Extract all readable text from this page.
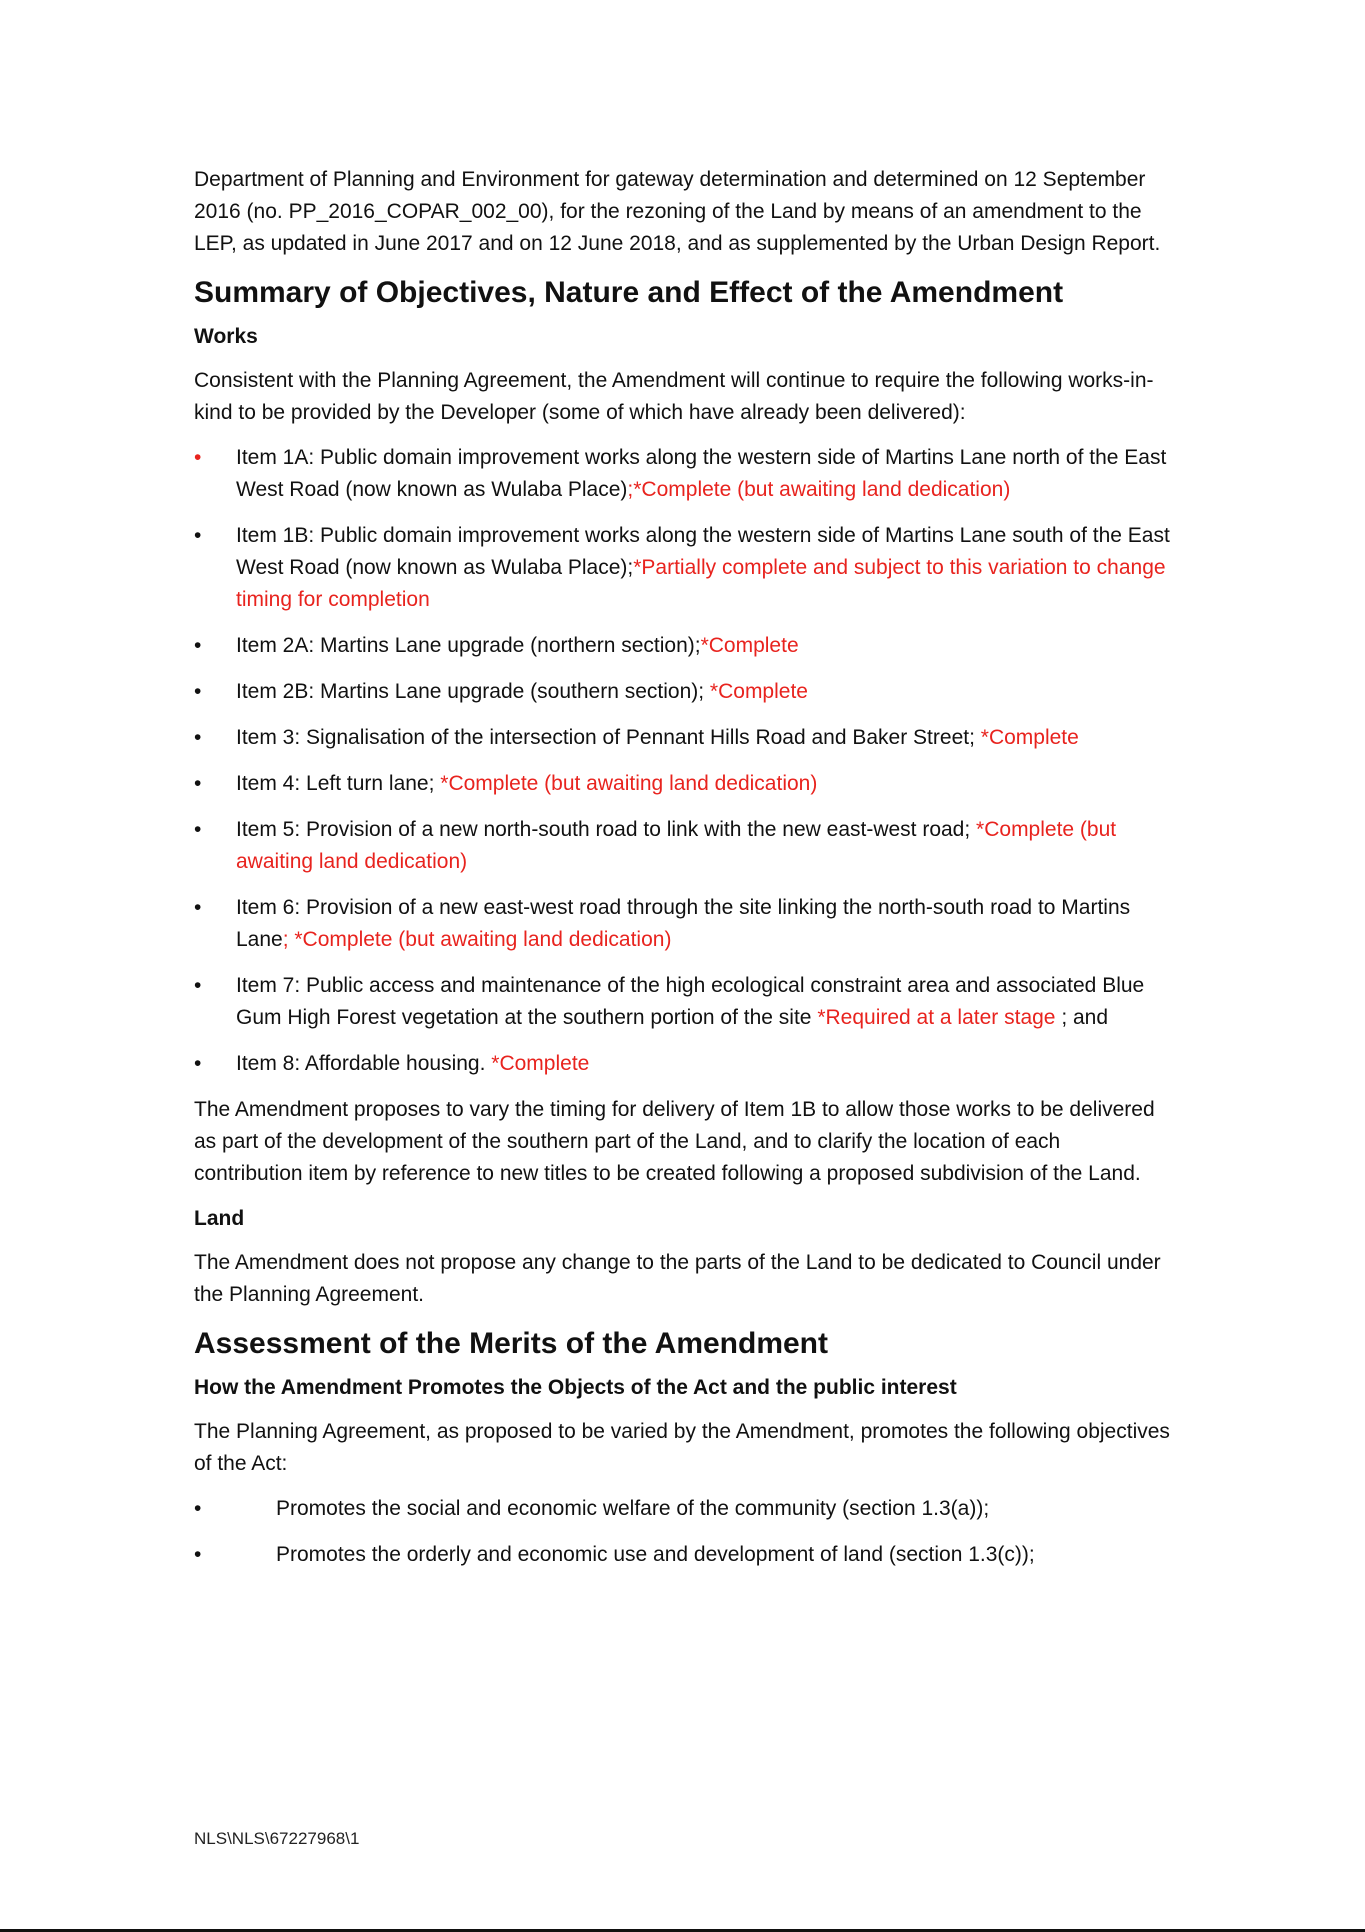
Department of Planning and Environment for gateway determination and determined on 12 September 2016 (no. PP_2016_COPAR_002_00), for the rezoning of the Land by means of an amendment to the LEP, as updated in June 2017 and on 12 June 2018, and as supplemented by the Urban Design Report.

Summary of Objectives, Nature and Effect of the Amendment
Works

Consistent with the Planning Agreement, the Amendment will continue to require the following works-in-kind to be provided by the Developer (some of which have already been delivered):

•	Item 1A: Public domain improvement works along the western side of Martins Lane north of the East West Road (now known as Wulaba Place);*Complete (but awaiting land dedication)
•	Item 1B: Public domain improvement works along the western side of Martins Lane south of the East West Road (now known as Wulaba Place);*Partially complete and subject to this variation to change timing for completion
•	Item 2A: Martins Lane upgrade (northern section);*Complete
•	Item 2B: Martins Lane upgrade (southern section); *Complete
•	Item 3: Signalisation of the intersection of Pennant Hills Road and Baker Street; *Complete
•	Item 4: Left turn lane; *Complete (but awaiting land dedication)
•	Item 5: Provision of a new north-south road to link with the new east-west road; *Complete (but awaiting land dedication)
•	Item 6: Provision of a new east-west road through the site linking the north-south road to Martins Lane; *Complete (but awaiting land dedication)
•	Item 7: Public access and maintenance of the high ecological constraint area and associated Blue Gum High Forest vegetation at the southern portion of the site *Required at a later stage ; and
•	Item 8: Affordable housing. *Complete

The Amendment proposes to vary the timing for delivery of Item 1B to allow those works to be delivered as part of the development of the southern part of the Land, and to clarify the location of each contribution item by reference to new titles to be created following a proposed subdivision of the Land.

Land

The Amendment does not propose any change to the parts of the Land to be dedicated to Council under the Planning Agreement.

Assessment of the Merits of the Amendment
How the Amendment Promotes the Objects of the Act and the public interest

The Planning Agreement, as proposed to be varied by the Amendment, promotes the following objectives of the Act:

•	Promotes the social and economic welfare of the community (section 1.3(a));
•	Promotes the orderly and economic use and development of land (section 1.3(c));
NLS\NLS\67227968\1
